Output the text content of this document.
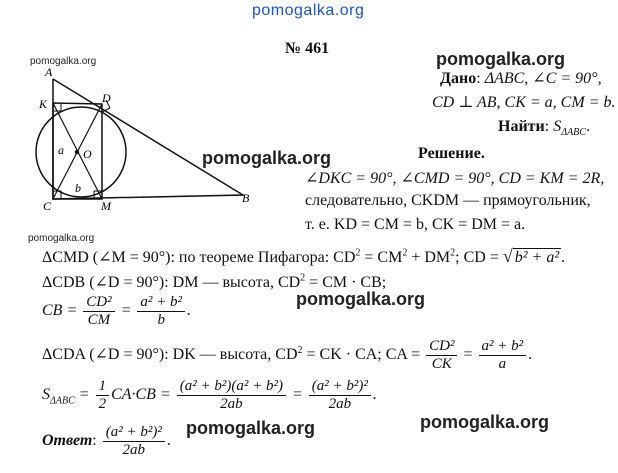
pomogalka.org
№ 461
pomogalka.org	pomogalka.org
A
K	D
O
a
b
C	M
B
Дано: ΔABC, ∠C = 90°,
CD ⊥ AB, CK = a, CM = b.
Найти: $S_{\Delta ABC}$.
Решение.
pomogalka.org
∠DKC = 90°, ∠CMD = 90°, CD = KM = 2R,
следовательно, CKDM — прямоугольник,
т. е. KD = CM = b, CK = DM = a.
pomogalka.org
ΔCMD (∠M = 90°): по теореме Пифагора: $CD^2 = CM^2 + DM^2$; CD = √ b² + a² .
ΔCDB (∠D = 90°): DM — высота, $CD^2$ = CM · CB;
pomogalka.org
CB = $\frac{\text{CD²}}{CM} = \frac{\text{a² + b²}}{b}$ .
ΔCDA (∠D = 90°): DK — высота, $CD^2$ = CK · CA; CA = $\frac{\text{CD²}}{CK} = \frac{\text{a² + b²}}{a}$ .
$S_{\Delta ABC} = \frac{1}{2} CA\cdot CB = \frac{\text{(a² + b²)(a² + b²)}}{2ab} = \frac{\text{(a² + b²)²}}{2ab}$ .
Ответ: $\frac{\text{(a² + b²)²}}{2ab}$ .
pomogalka.org	pomogalka.org
